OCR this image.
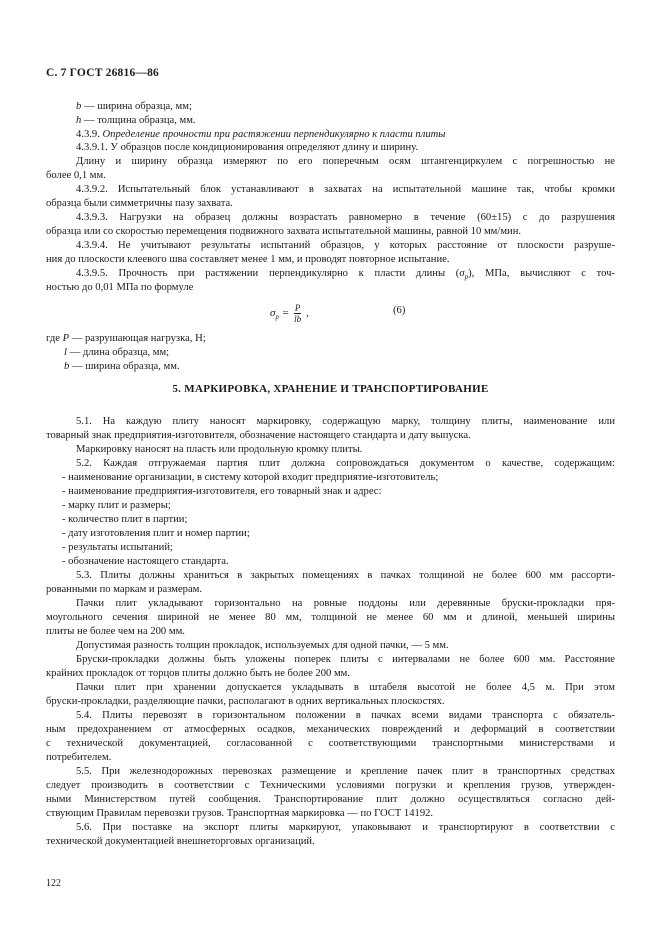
С. 7 ГОСТ 26816—86
b — ширина образца, мм;
h — толщина образца, мм.
4.3.9. Определение прочности при растяжении перпендикулярно к пласти плиты
4.3.9.1. У образцов после кондиционирования определяют длину и ширину.
Длину и ширину образца измеряют по его поперечным осям штангенциркулем с погрешностью не
более 0,1 мм.
4.3.9.2. Испытательный блок устанавливают в захватах на испытательной машине так, чтобы кромки
образца были симметричны пазу захвата.
4.3.9.3. Нагрузки на образец должны возрастать равномерно в течение (60±15) с до разрушения
образца или со скоростью перемещения подвижного захвата испытательной машины, равной 10 мм/мин.
4.3.9.4. Не учитывают результаты испытаний образцов, у которых расстояние от плоскости разруше-
ния до плоскости клеевого шва составляет менее 1 мм, и проводят повторное испытание.
4.3.9.5. Прочность при растяжении перпендикулярно к пласти длины $(\sigma_р)$, МПа, вычисляют с точ-
ностью до 0,01 МПа по формуле
$\sigma_р = \frac{P}{lb}$ ,	(6)
где P — разрушающая нагрузка, Н;
l — длина образца, мм;
b — ширина образца, мм.
5. МАРКИРОВКА, ХРАНЕНИЕ И ТРАНСПОРТИРОВАНИЕ
5.1. На каждую плиту наносят маркировку, содержащую марку, толщину плиты, наименование или
товарный знак предприятия-изготовителя, обозначение настоящего стандарта и дату выпуска.
Маркировку наносят на пласть или продольную кромку плиты.
5.2. Каждая отгружаемая партия плит должна сопровождаться документом о качестве, содержащим:
- наименование организации, в систему которой входит предприятие-изготовитель;
- наименование предприятия-изготовителя, его товарный знак и адрес:
- марку плит и размеры;
- количество плит в партии;
- дату изготовления плит и номер партии;
- результаты испытаний;
- обозначение настоящего стандарта.
5.3. Плиты должны храниться в закрытых помещениях в пачках толщиной не более 600 мм рассорти-
рованными по маркам и размерам.
Пачки плит укладывают горизонтально на ровные поддоны или деревянные бруски-прокладки пря-
моугольного сечения шириной не менее 80 мм, толщиной не менее 60 мм и длиной, меньшей ширины
плиты не более чем на 200 мм.
Допустимая разность толщин прокладок, используемых для одной пачки, — 5 мм.
Бруски-прокладки должны быть уложены поперек плиты с интервалами не более 600 мм. Расстояние
крайних прокладок от торцов плиты должно быть не более 200 мм.
Пачки плит при хранении допускается укладывать в штабеля высотой не более 4,5 м. При этом
бруски-прокладки, разделяющие пачки, располагают в одних вертикальных плоскостях.
5.4. Плиты перевозят в горизонтальном положении в пачках всеми видами транспорта с обязатель-
ным предохранением от атмосферных осадков, механических повреждений и деформаций в соответствии
с технической документацией, согласованной с соответствующими транспортными министерствами и
потребителем.
5.5. При железнодорожных перевозках размещение и крепление пачек плит в транспортных средствах
следует производить в соответствии с Техническими условиями погрузки и крепления грузов, утвержден-
ными Министерством путей сообщения. Транспортирование плит должно осуществляться согласно дей-
ствующим Правилам перевозки грузов. Транспортная маркировка — по ГОСТ 14192.
5.6. При поставке на экспорт плиты маркируют, упаковывают и транспортируют в соответствии с
технической документацией внешнеторговых организаций.
122
